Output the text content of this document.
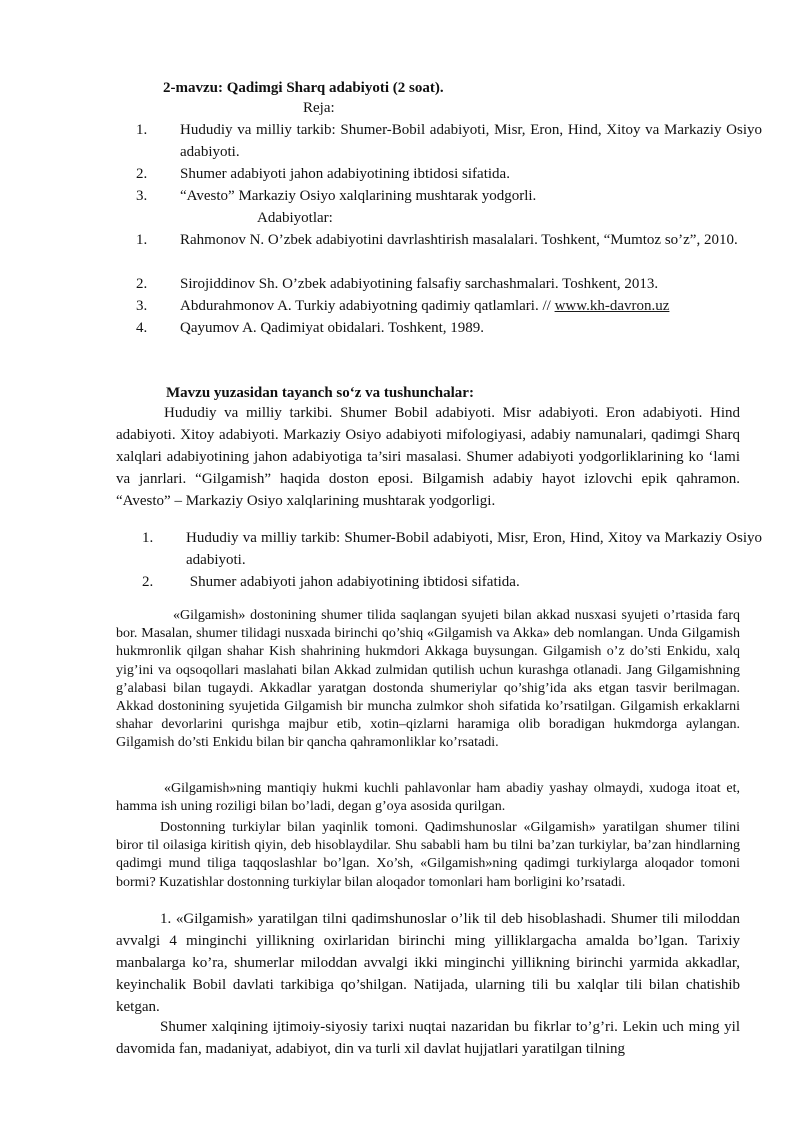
2-mavzu: Qadimgi Sharq adabiyoti (2 soat).

Reja:

1. Hududiy va milliy tarkib: Shumer-Bobil adabiyoti, Misr, Eron, Hind, Xitoy va Markaziy Osiyo adabiyoti.
2. Shumer adabiyoti jahon adabiyotining ibtidosi sifatida.
3. “Avesto” Markaziy Osiyo xalqlarining mushtarak yodgorli.

Adabiyotlar:

1. Rahmonov N. O’zbek adabiyotini davrlashtirish masalalari. Toshkent, “Mumtoz so’z”, 2010.
2. Sirojiddinov Sh. O’zbek adabiyotining falsafiy sarchashmalari. Toshkent, 2013.
3. Abdurahmonov A. Turkiy adabiyotning qadimiy qatlamlari. // www.kh-davron.uz
4. Qayumov A. Qadimiyat obidalari. Toshkent, 1989.

Mavzu yuzasidan tayanch so‘z va tushunchalar:

Hududiy va milliy tarkibi. Shumer Bobil adabiyoti. Misr adabiyoti. Eron adabiyoti. Hind adabiyoti. Xitoy adabiyoti. Markaziy Osiyo adabiyoti mifologiyasi, adabiy namunalari, qadimgi Sharq xalqlari adabiyotining jahon adabiyotiga ta’siri masalasi. Shumer adabiyoti yodgorliklarining ko ‘lami va janrlari. “Gilgamish” haqida doston eposi. Bilgamish adabiy hayot izlovchi epik qahramon. “Avesto” – Markaziy Osiyo xalqlarining mushtarak yodgorligi.

1. Hududiy va milliy tarkib: Shumer-Bobil adabiyoti, Misr, Eron, Hind, Xitoy va Markaziy Osiyo adabiyoti.
2. Shumer adabiyoti jahon adabiyotining ibtidosi sifatida.

«Gilgamish» dostonining shumer tilida saqlangan syujeti bilan akkad nusxasi syujeti o’rtasida farq bor. Masalan, shumer tilidagi nusxada birinchi qo’shiq «Gilgamish va Akka» deb nomlangan. Unda Gilgamish hukmronlik qilgan shahar Kish shahrining hukmdori Akkaga buysungan. Gilgamish o’z do’sti Enkidu, xalq yig’ini va oqsoqollari maslahati bilan Akkad zulmidan qutilish uchun kurashga otlanadi. Jang Gilgamishning g’alabasi bilan tugaydi. Akkadlar yaratgan dostonda shumeriylar qo’shig’ida aks etgan tasvir berilmagan. Akkad dostonining syujetida Gilgamish bir muncha zulmkor shoh sifatida ko’rsatilgan. Gilgamish erkaklarni shahar devorlarini qurishga majbur etib, xotin–qizlarni haramiga olib boradigan hukmdorga aylangan. Gilgamish do’sti Enkidu bilan bir qancha qahramonliklar ko’rsatadi.

«Gilgamish»ning mantiqiy hukmi kuchli pahlavonlar ham abadiy yashay olmaydi, xudoga itoat et, hamma ish uning roziligi bilan bo’ladi, degan g’oya asosida qurilgan.

Dostonning turkiylar bilan yaqinlik tomoni. Qadimshunoslar «Gilgamish» yaratilgan shumer tilini biror til oilasiga kiritish qiyin, deb hisoblaydilar. Shu sababli ham bu tilni ba’zan turkiylar, ba’zan hindlarning qadimgi mund tiliga taqqoslashlar bo’lgan. Xo’sh, «Gilgamish»ning qadimgi turkiylarga aloqador tomoni bormi? Kuzatishlar dostonning turkiylar bilan aloqador tomonlari ham borligini ko’rsatadi.

1. «Gilgamish» yaratilgan tilni qadimshunoslar o’lik til deb hisoblashadi. Shumer tili miloddan avvalgi 4 minginchi yillikning oxirlaridan birinchi ming yilliklargacha amalda bo’lgan. Tarixiy manbalarga ko’ra, shumerlar miloddan avvalgi ikki minginchi yillikning birinchi yarmida akkadlar, keyinchalik Bobil davlati tarkibiga qo’shilgan. Natijada, ularning tili bu xalqlar tili bilan chatishib ketgan.

Shumer xalqining ijtimoiy-siyosiy tarixi nuqtai nazaridan bu fikrlar to’g’ri. Lekin uch ming yil davomida fan, madaniyat, adabiyot, din va turli xil davlat hujjatlari yaratilgan tilning
